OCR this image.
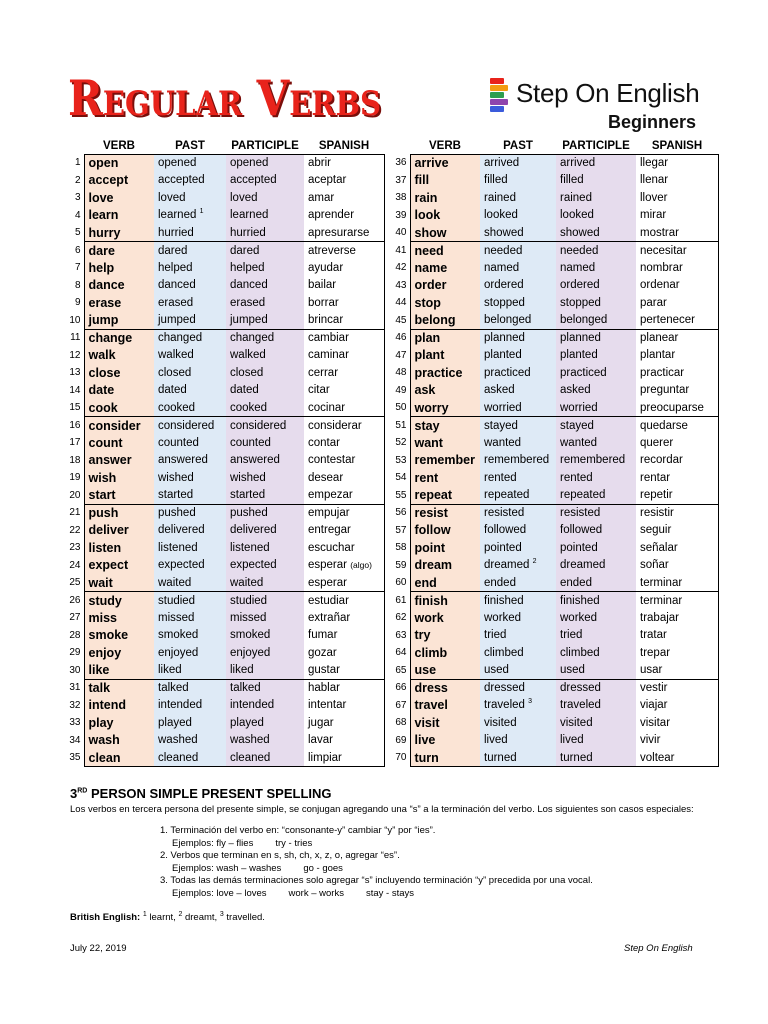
Regular Verbs	Step On English
Beginners
	VERB	PAST	PARTICIPLE	SPANISH
1	open	opened	opened	abrir
2	accept	accepted	accepted	aceptar
3	love	loved	loved	amar
4	learn	learned $^1$	learned	aprender
5	hurry	hurried	hurried	apresurarse
6	dare	dared	dared	atreverse
7	help	helped	helped	ayudar
8	dance	danced	danced	bailar
9	erase	erased	erased	borrar
10	jump	jumped	jumped	brincar
11	change	changed	changed	cambiar
12	walk	walked	walked	caminar
13	close	closed	closed	cerrar
14	date	dated	dated	citar
15	cook	cooked	cooked	cocinar
16	consider	considered	considered	considerar
17	count	counted	counted	contar
18	answer	answered	answered	contestar
19	wish	wished	wished	desear
20	start	started	started	empezar
21	push	pushed	pushed	empujar
22	deliver	delivered	delivered	entregar
23	listen	listened	listened	escuchar
24	expect	expected	expected	esperar (algo)
25	wait	waited	waited	esperar
26	study	studied	studied	estudiar
27	miss	missed	missed	extrañar
28	smoke	smoked	smoked	fumar
29	enjoy	enjoyed	enjoyed	gozar
30	like	liked	liked	gustar
31	talk	talked	talked	hablar
32	intend	intended	intended	intentar
33	play	played	played	jugar
34	wash	washed	washed	lavar
35	clean	cleaned	cleaned	limpiar
	VERB	PAST	PARTICIPLE	SPANISH
36	arrive	arrived	arrived	llegar
37	fill	filled	filled	llenar
38	rain	rained	rained	llover
39	look	looked	looked	mirar
40	show	showed	showed	mostrar
41	need	needed	needed	necesitar
42	name	named	named	nombrar
43	order	ordered	ordered	ordenar
44	stop	stopped	stopped	parar
45	belong	belonged	belonged	pertenecer
46	plan	planned	planned	planear
47	plant	planted	planted	plantar
48	practice	practiced	practiced	practicar
49	ask	asked	asked	preguntar
50	worry	worried	worried	preocuparse
51	stay	stayed	stayed	quedarse
52	want	wanted	wanted	querer
53	remember	remembered	remembered	recordar
54	rent	rented	rented	rentar
55	repeat	repeated	repeated	repetir
56	resist	resisted	resisted	resistir
57	follow	followed	followed	seguir
58	point	pointed	pointed	señalar
59	dream	dreamed $^2$	dreamed	soñar
60	end	ended	ended	terminar
61	finish	finished	finished	terminar
62	work	worked	worked	trabajar
63	try	tried	tried	tratar
64	climb	climbed	climbed	trepar
65	use	used	used	usar
66	dress	dressed	dressed	vestir
67	travel	traveled $^3$	traveled	viajar
68	visit	visited	visited	visitar
69	live	lived	lived	vivir
70	turn	turned	turned	voltear
3RD PERSON SIMPLE PRESENT SPELLING
Los verbos en tercera persona del presente simple, se conjugan agregando una “s” a la terminación del verbo. Los siguientes son casos especiales:
1. Terminación del verbo en: “consonante-y” cambiar “y” por “ies”.
Ejemplos: fly – flies try - tries
2. Verbos que terminan en s, sh, ch, x, z, o, agregar “es”.
Ejemplos: wash – washes go - goes
3. Todas las demás terminaciones solo agregar “s” incluyendo terminación “y” precedida por una vocal.
Ejemplos: love – loves work – works stay - stays
British English: $^1$ learnt, $^2$ dreamt, $^3$ travelled.
July 22, 2019	Step On English
